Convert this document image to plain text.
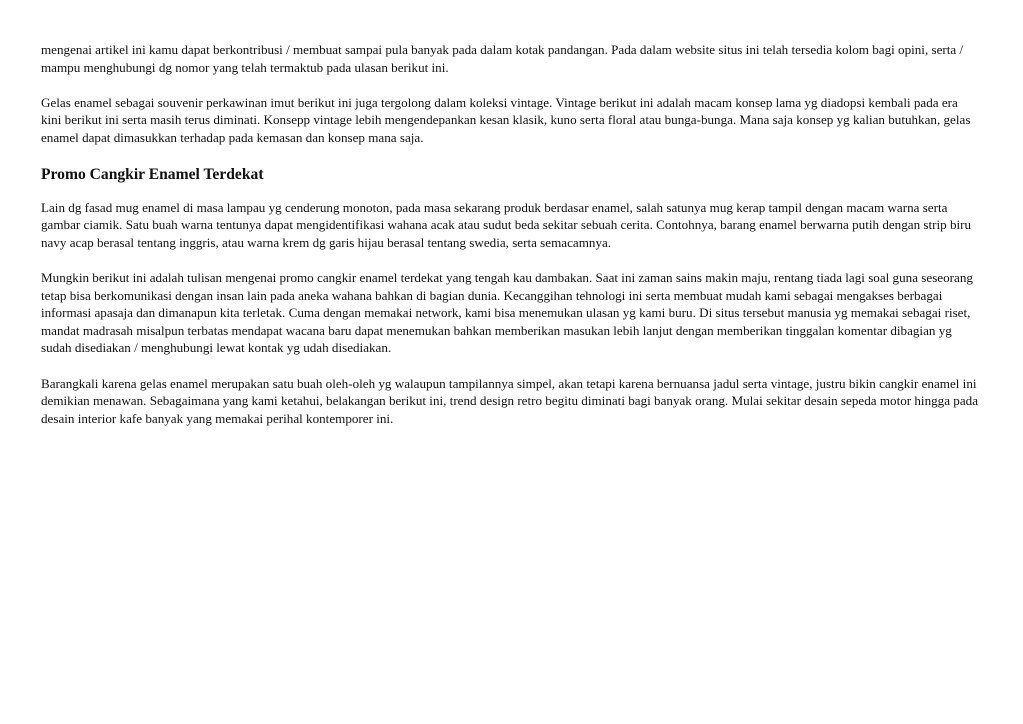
mengenai artikel ini kamu dapat berkontribusi / membuat sampai pula banyak pada dalam kotak pandangan. Pada dalam website situs ini telah tersedia kolom bagi opini, serta / mampu menghubungi dg nomor yang telah termaktub pada ulasan berikut ini.

Gelas enamel sebagai souvenir perkawinan imut berikut ini juga tergolong dalam koleksi vintage. Vintage berikut ini adalah macam konsep lama yg diadopsi kembali pada era kini berikut ini serta masih terus diminati. Konsepp vintage lebih mengendepankan kesan klasik, kuno serta floral atau bunga-bunga. Mana saja konsep yg kalian butuhkan, gelas enamel dapat dimasukkan terhadap pada kemasan dan konsep mana saja.

Promo Cangkir Enamel Terdekat

Lain dg fasad mug enamel di masa lampau yg cenderung monoton, pada masa sekarang produk berdasar enamel, salah satunya mug kerap tampil dengan macam warna serta gambar ciamik. Satu buah warna tentunya dapat mengidentifikasi wahana acak atau sudut beda sekitar sebuah cerita. Contohnya, barang enamel berwarna putih dengan strip biru navy acap berasal tentang inggris, atau warna krem dg garis hijau berasal tentang swedia, serta semacamnya.

Mungkin berikut ini adalah tulisan mengenai promo cangkir enamel terdekat yang tengah kau dambakan. Saat ini zaman sains makin maju, rentang tiada lagi soal guna seseorang tetap bisa berkomunikasi dengan insan lain pada aneka wahana bahkan di bagian dunia. Kecanggihan tehnologi ini serta membuat mudah kami sebagai mengakses berbagai informasi apasaja dan dimanapun kita terletak. Cuma dengan memakai network, kami bisa menemukan ulasan yg kami buru. Di situs tersebut manusia yg memakai sebagai riset, mandat madrasah misalpun terbatas mendapat wacana baru dapat menemukan bahkan memberikan masukan lebih lanjut dengan memberikan tinggalan komentar dibagian yg sudah disediakan / menghubungi lewat kontak yg udah disediakan.

Barangkali karena gelas enamel merupakan satu buah oleh-oleh yg walaupun tampilannya simpel, akan tetapi karena bernuansa jadul serta vintage, justru bikin cangkir enamel ini demikian menawan. Sebagaimana yang kami ketahui, belakangan berikut ini, trend design retro begitu diminati bagi banyak orang. Mulai sekitar desain sepeda motor hingga pada desain interior kafe banyak yang memakai perihal kontemporer ini.
